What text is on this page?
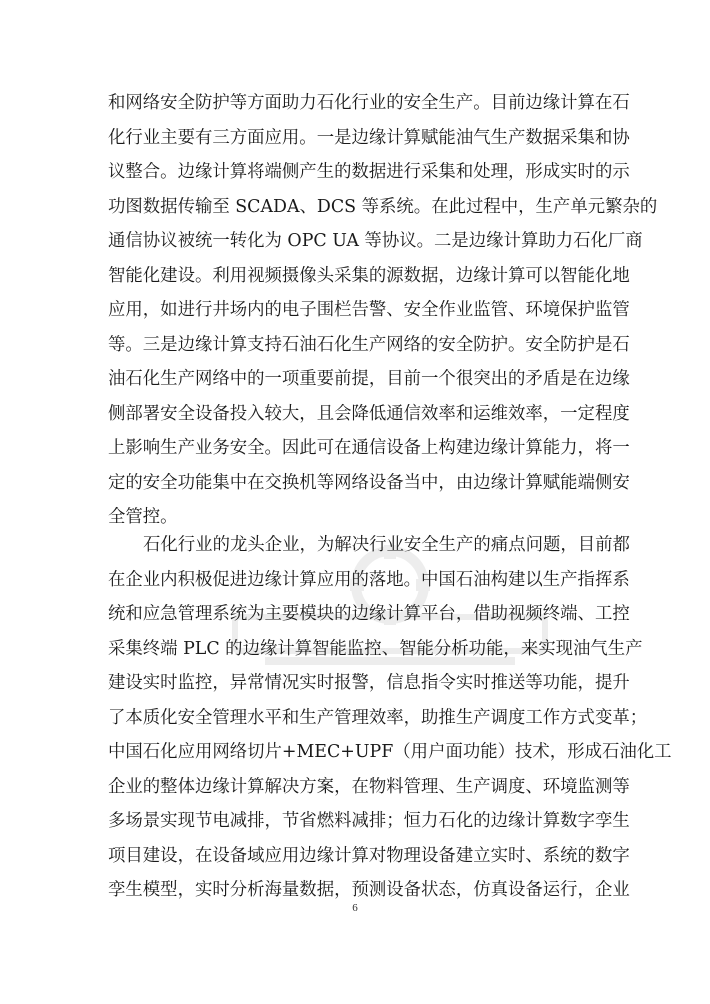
和网络安全防护等方面助力石化行业的安全生产。目前边缘计算在石
化行业主要有三方面应用。一是边缘计算赋能油气生产数据采集和协
议整合。边缘计算将端侧产生的数据进行采集和处理，形成实时的示
功图数据传输至 SCADA、DCS 等系统。在此过程中，生产单元繁杂的
通信协议被统一转化为 OPC UA 等协议。二是边缘计算助力石化厂商
智能化建设。利用视频摄像头采集的源数据，边缘计算可以智能化地
应用，如进行井场内的电子围栏告警、安全作业监管、环境保护监管
等。三是边缘计算支持石油石化生产网络的安全防护。安全防护是石
油石化生产网络中的一项重要前提，目前一个很突出的矛盾是在边缘
侧部署安全设备投入较大，且会降低通信效率和运维效率，一定程度
上影响生产业务安全。因此可在通信设备上构建边缘计算能力，将一
定的安全功能集中在交换机等网络设备当中，由边缘计算赋能端侧安
全管控。
石化行业的龙头企业，为解决行业安全生产的痛点问题，目前都
在企业内积极促进边缘计算应用的落地。中国石油构建以生产指挥系
统和应急管理系统为主要模块的边缘计算平台，借助视频终端、工控
采集终端 PLC 的边缘计算智能监控、智能分析功能，来实现油气生产
建设实时监控，异常情况实时报警，信息指令实时推送等功能，提升
了本质化安全管理水平和生产管理效率，助推生产调度工作方式变革；
中国石化应用网络切片+MEC+UPF（用户面功能）技术，形成石油化工
企业的整体边缘计算解决方案，在物料管理、生产调度、环境监测等
多场景实现节电减排，节省燃料减排；恒力石化的边缘计算数字孪生
项目建设，在设备域应用边缘计算对物理设备建立实时、系统的数字
孪生模型，实时分析海量数据，预测设备状态，仿真设备运行，企业
6
